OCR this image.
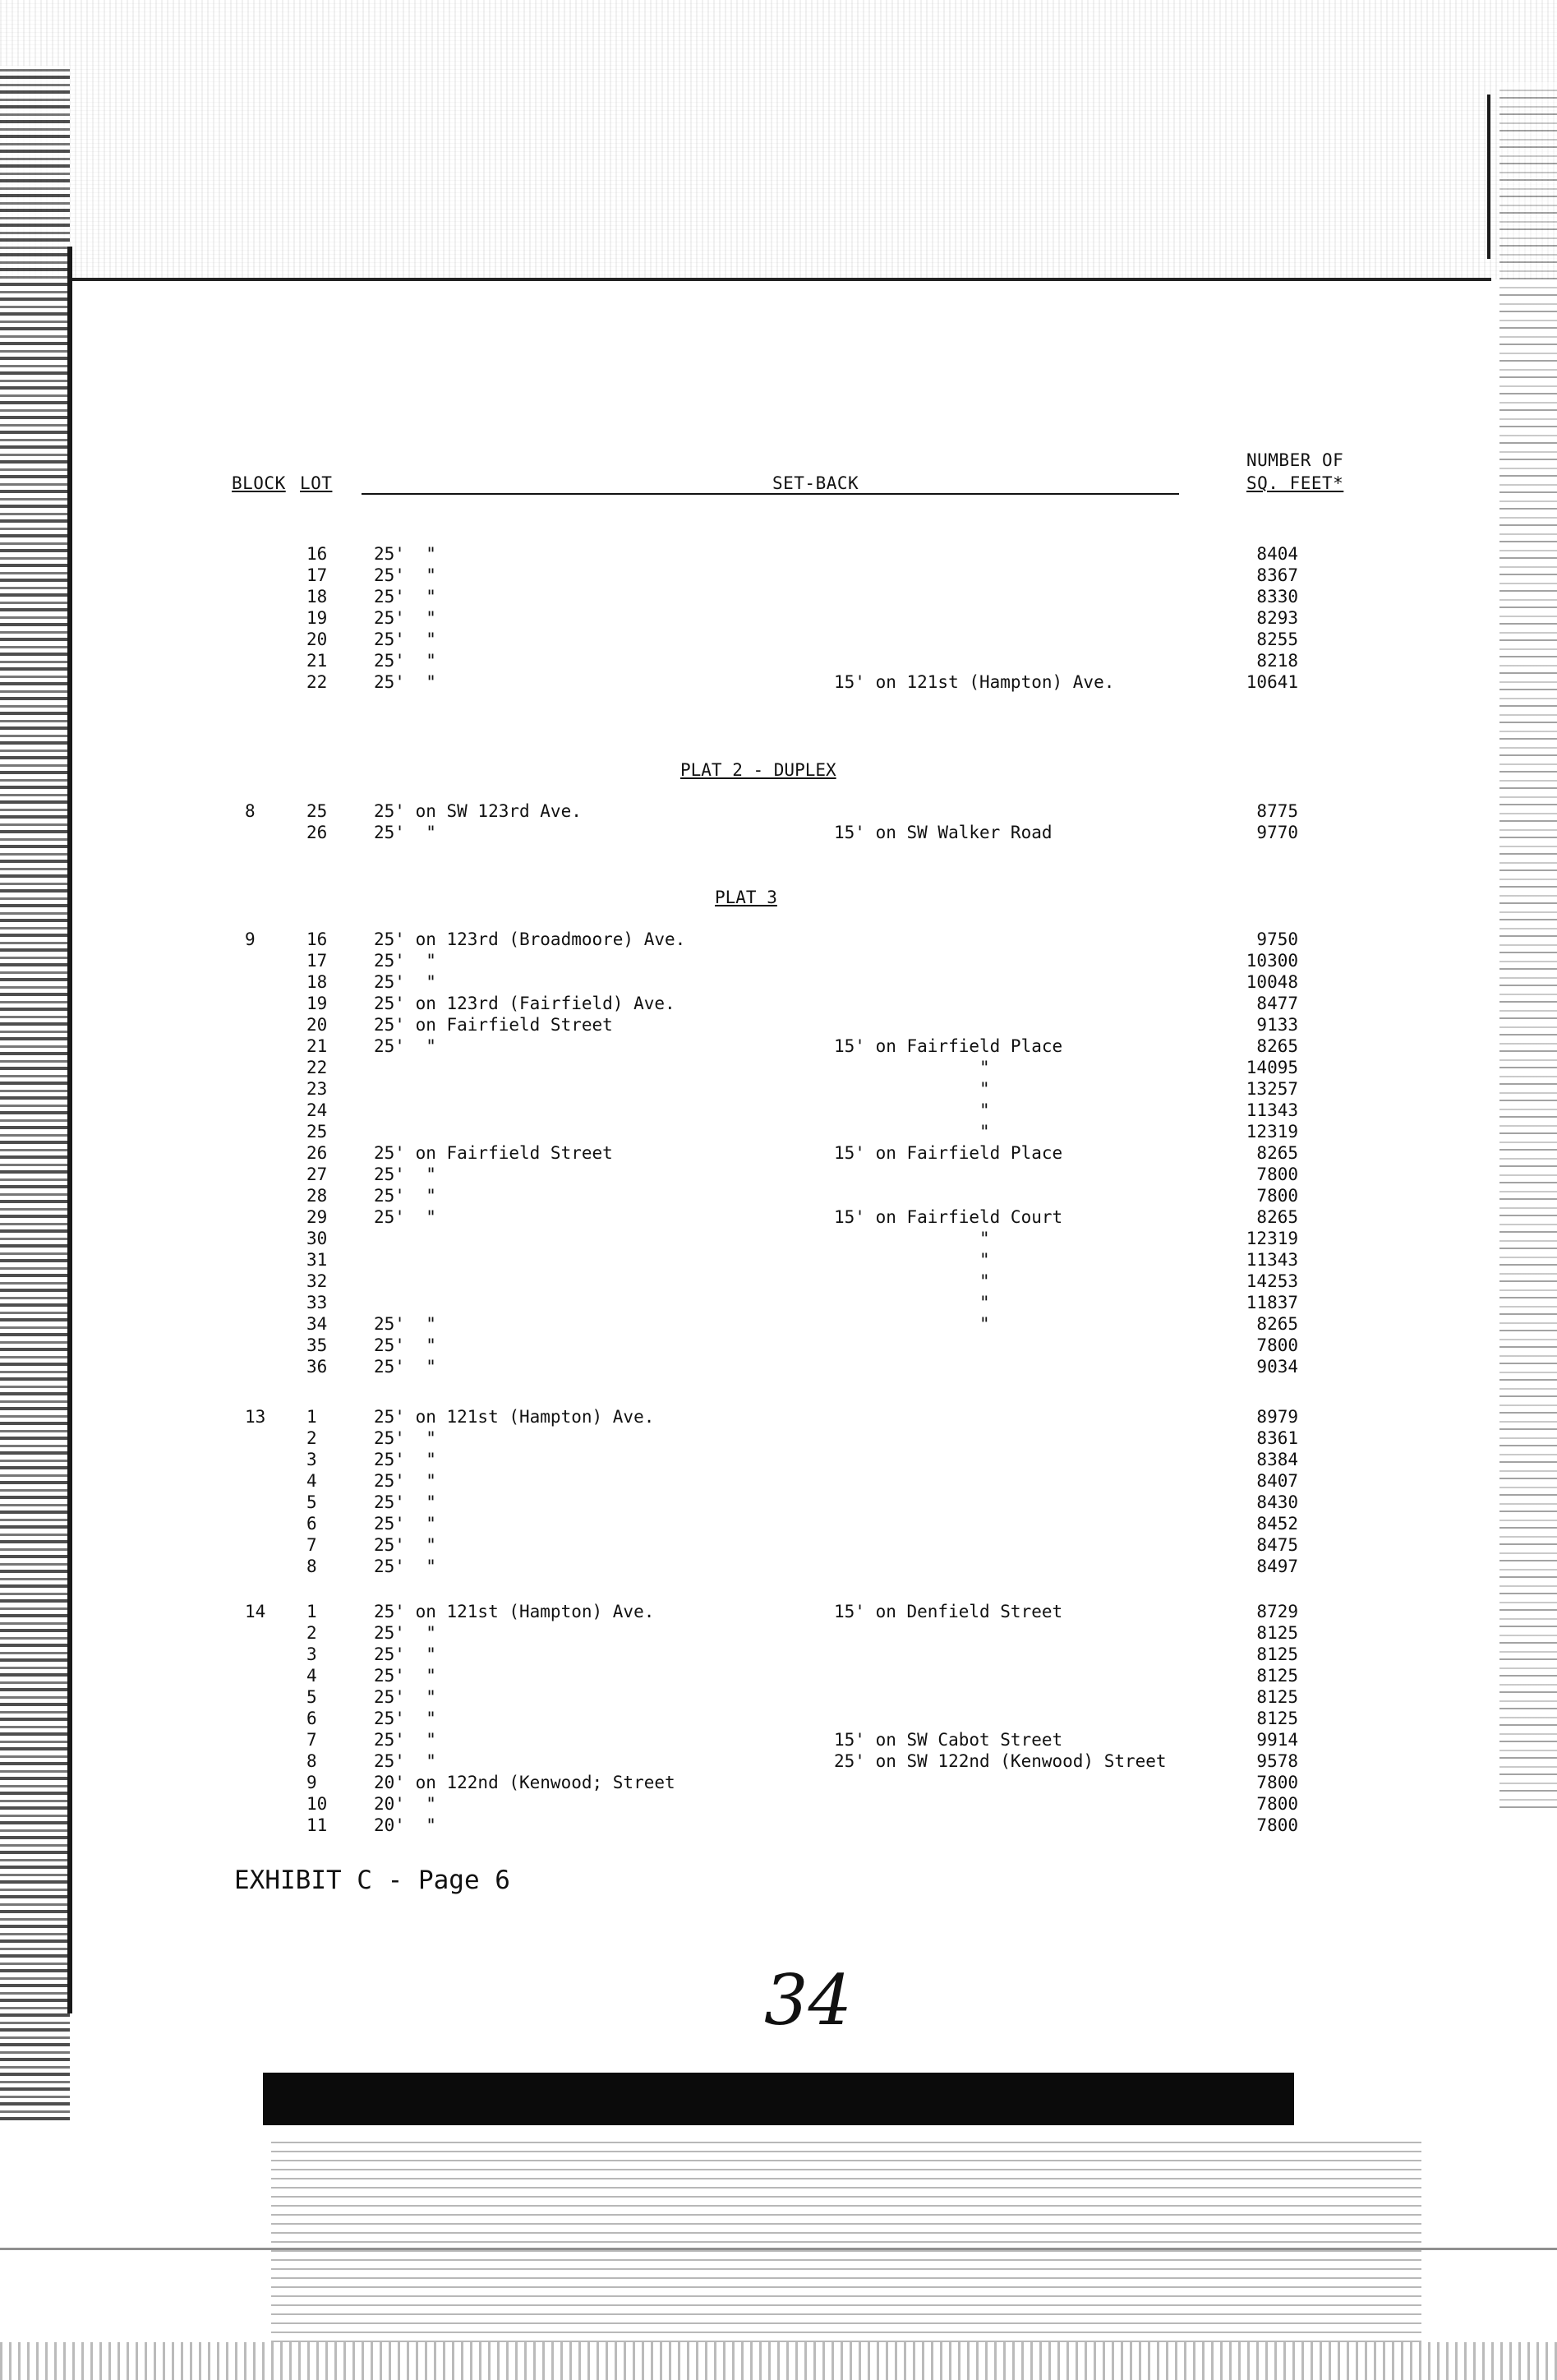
BLOCK LOT	SET-BACK
NUMBER OF
SQ. FEET*
16	25'  "	8404
17	25'  "	8367
18	25'  "	8330
19	25'  "	8293
20	25'  "	8255
21	25'  "	8218
22	25'  "	15' on 121st (Hampton) Ave.	10641
PLAT 2 - DUPLEX
8	25	25' on SW 123rd Ave.	8775
26	25'  "	15' on SW Walker Road	9770
PLAT 3
9	16	25' on 123rd (Broadmoore) Ave.	9750
17	25'  "	10300
18	25'  "	10048
19	25' on 123rd (Fairfield) Ave.	8477
20	25' on Fairfield Street	9133
21	25'  "	15' on Fairfield Place	8265
22	"	14095
23	"	13257
24	"	11343
25	"	12319
26	25' on Fairfield Street	15' on Fairfield Place	8265
27	25'  "	7800
28	25'  "	7800
29	25'  "	15' on Fairfield Court	8265
30	"	12319
31	"	11343
32	"	14253
33	"	11837
34	25'  "	"	8265
35	25'  "	7800
36	25'  "	9034
13 1	25' on 121st (Hampton) Ave.	8979
2	25'  "	8361
3	25'  "	8384
4	25'  "	8407
5	25'  "	8430
6	25'  "	8452
7	25'  "	8475
8	25'  "	8497
14 1	25' on 121st (Hampton) Ave.	15' on Denfield Street	8729
2	25'  "	8125
3	25'  "	8125
4	25'  "	8125
5	25'  "	8125
6	25'  "	8125
7	25'  "	15' on SW Cabot Street	9914
8	25'  "	25' on SW 122nd (Kenwood) Street	9578
9	20' on 122nd (Kenwood; Street	7800
10	20'  "	7800
11	20'  "	7800
EXHIBIT C - Page 6
34
